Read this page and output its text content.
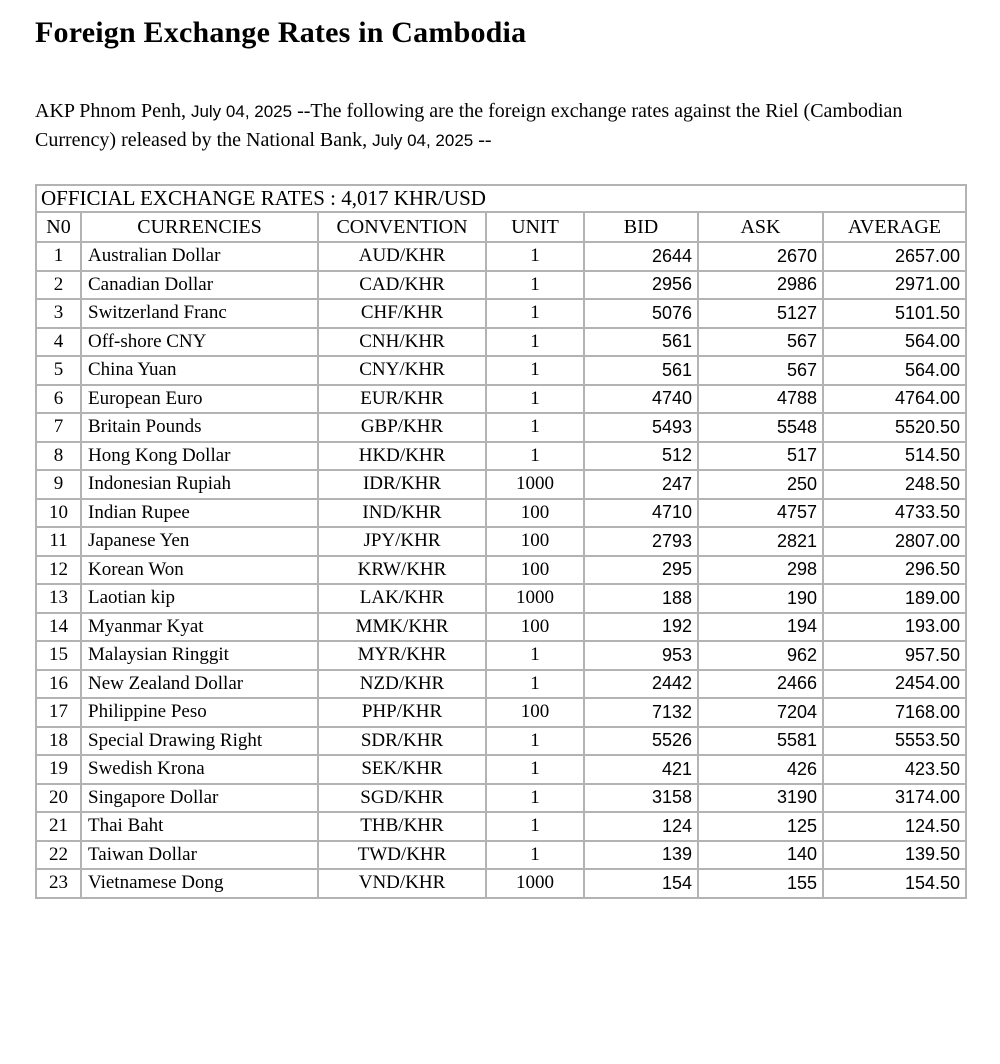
Foreign Exchange Rates in Cambodia

AKP Phnom Penh, July 04, 2025 --The following are the foreign exchange rates against the Riel (Cambodian Currency) released by the National Bank, July 04, 2025 --

OFFICIAL EXCHANGE RATES : 4,017 KHR/USD						
N0	CURRENCIES	CONVENTION	UNIT	BID	ASK	AVERAGE
1	Australian Dollar	AUD/KHR	1	2644	2670	2657.00
2	Canadian Dollar	CAD/KHR	1	2956	2986	2971.00
3	Switzerland Franc	CHF/KHR	1	5076	5127	5101.50
4	Off-shore CNY	CNH/KHR	1	561	567	564.00
5	China Yuan	CNY/KHR	1	561	567	564.00
6	European Euro	EUR/KHR	1	4740	4788	4764.00
7	Britain Pounds	GBP/KHR	1	5493	5548	5520.50
8	Hong Kong Dollar	HKD/KHR	1	512	517	514.50
9	Indonesian Rupiah	IDR/KHR	1000	247	250	248.50
10	Indian Rupee	IND/KHR	100	4710	4757	4733.50
11	Japanese Yen	JPY/KHR	100	2793	2821	2807.00
12	Korean Won	KRW/KHR	100	295	298	296.50
13	Laotian kip	LAK/KHR	1000	188	190	189.00
14	Myanmar Kyat	MMK/KHR	100	192	194	193.00
15	Malaysian Ringgit	MYR/KHR	1	953	962	957.50
16	New Zealand Dollar	NZD/KHR	1	2442	2466	2454.00
17	Philippine Peso	PHP/KHR	100	7132	7204	7168.00
18	Special Drawing Right	SDR/KHR	1	5526	5581	5553.50
19	Swedish Krona	SEK/KHR	1	421	426	423.50
20	Singapore Dollar	SGD/KHR	1	3158	3190	3174.00
21	Thai Baht	THB/KHR	1	124	125	124.50
22	Taiwan Dollar	TWD/KHR	1	139	140	139.50
23	Vietnamese Dong	VND/KHR	1000	154	155	154.50
